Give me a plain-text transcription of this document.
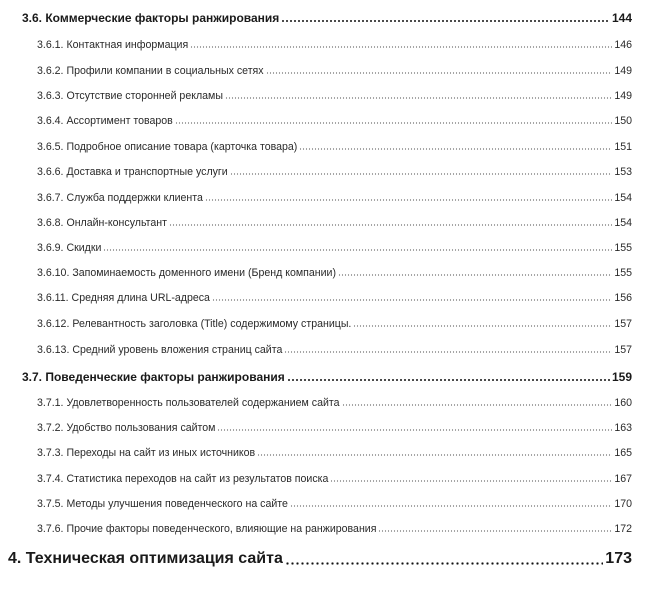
3.6. Коммерческие факторы ранжирования	144
3.6.1. Контактная информация	146
3.6.2. Профили компании в социальных сетях	149
3.6.3. Отсутствие сторонней рекламы	149
3.6.4. Ассортимент товаров	150
3.6.5. Подробное описание товара (карточка товара)	151
3.6.6. Доставка и транспортные услуги	153
3.6.7. Служба поддержки клиента	154
3.6.8. Онлайн-консультант	154
3.6.9. Скидки	155
3.6.10. Запоминаемость доменного имени (Бренд компании)	155
3.6.11. Средняя длина URL-адреса	156
3.6.12. Релевантность заголовка (Title) содержимому страницы.	157
3.6.13. Средний уровень вложения страниц сайта	157
3.7. Поведенческие факторы ранжирования	159
3.7.1. Удовлетворенность пользователей содержанием сайта	160
3.7.2. Удобство пользования сайтом	163
3.7.3. Переходы на сайт из иных источников	165
3.7.4. Статистика переходов на сайт из результатов поиска	167
3.7.5. Методы улучшения поведенческого на сайте	170
3.7.6. Прочие факторы поведенческого, влияющие на ранжирования	172
4. Техническая оптимизация сайта	173
